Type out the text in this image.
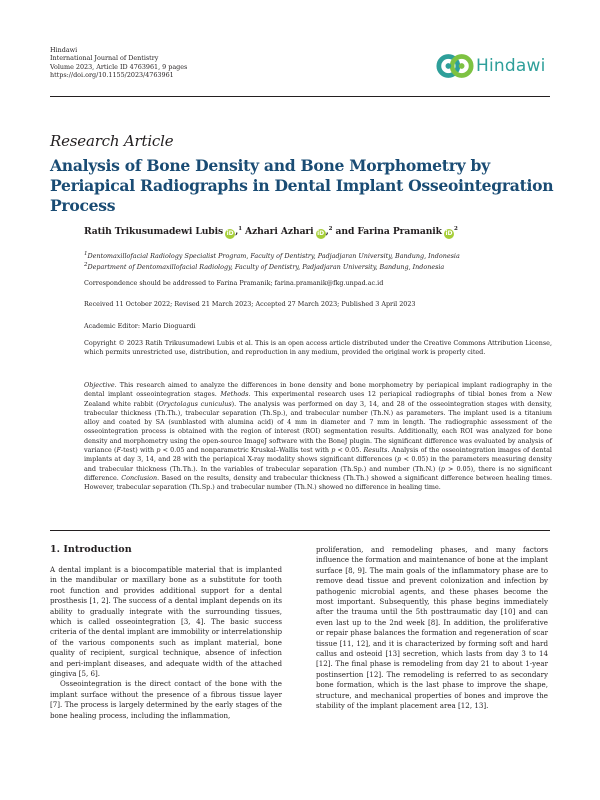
Hindawi
International Journal of Dentistry
Volume 2023, Article ID 4763961, 9 pages
https://doi.org/10.1155/2023/4763961	Hindawi
Research Article
Analysis of Bone Density and Bone Morphometry by Periapical Radiographs in Dental Implant Osseointegration Process
Ratih Trikusumadewi Lubis iD ,$^1$ Azhari Azhari iD ,$^2$ and Farina Pramanik $iD^2$
$^1$Dentomaxillofacial Radiology Specialist Program, Faculty of Dentistry, Padjadjaran University, Bandung, Indonesia
$^2$Department of Dentomaxillofacial Radiology, Faculty of Dentistry, Padjadjaran University, Bandung, Indonesia
Correspondence should be addressed to Farina Pramanik; farina.pramanik@fkg.unpad.ac.id
Received 11 October 2022; Revised 21 March 2023; Accepted 27 March 2023; Published 3 April 2023
Academic Editor: Mario Dioguardi
Copyright © 2023 Ratih Trikusumadewi Lubis et al. This is an open access article distributed under the Creative Commons Attribution License, which permits unrestricted use, distribution, and reproduction in any medium, provided the original work is properly cited.
Objective. This research aimed to analyze the differences in bone density and bone morphometry by periapical implant radiography in the dental implant osseointegration stages. Methods. This experimental research uses 12 periapical radiographs of tibial bones from a New Zealand white rabbit (Oryctolagus cuniculus). The analysis was performed on day 3, 14, and 28 of the osseointegration stages with density, trabecular thickness (Th.Th.), trabecular separation (Th.Sp.), and trabecular number (Th.N.) as parameters. The implant used is a titanium alloy and coated by SA (sunblasted with alumina acid) of 4 mm in diameter and 7 mm in length. The radiographic assessment of the osseointegration process is obtained with the region of interest (ROI) segmentation results. Additionally, each ROI was analyzed for bone density and morphometry using the open-source ImageJ software with the BoneJ plugin. The significant difference was evaluated by analysis of variance (F-test) with p < 0.05 and nonparametric Kruskal–Wallis test with p < 0.05. Results. Analysis of the osseointegration images of dental implants at day 3, 14, and 28 with the periapical X-ray modality shows significant differences (p < 0.05) in the parameters measuring density and trabecular thickness (Th.Th.). In the variables of trabecular separation (Th.Sp.) and number (Th.N.) (p > 0.05), there is no significant difference. Conclusion. Based on the results, density and trabecular thickness (Th.Th.) showed a significant difference between healing times. However, trabecular separation (Th.Sp.) and trabecular number (Th.N.) showed no difference in healing time.
1. Introduction

A dental implant is a biocompatible material that is implanted in the mandibular or maxillary bone as a substitute for tooth root function and provides additional support for a dental prosthesis [1, 2]. The success of a dental implant depends on its ability to gradually integrate with the surrounding tissues, which is called osseointegration [3, 4]. The basic success criteria of the dental implant are immobility or interrelationship of the various components such as implant material, bone quality of recipient, surgical technique, absence of infection and peri-implant diseases, and adequate width of the attached gingiva [5, 6].

Osseointegration is the direct contact of the bone with the implant surface without the presence of a fibrous tissue layer [7]. The process is largely determined by the early stages of the bone healing process, including the inflammation,

proliferation, and remodeling phases, and many factors influence the formation and maintenance of bone at the implant surface [8, 9]. The main goals of the inflammatory phase are to remove dead tissue and prevent colonization and infection by pathogenic microbial agents, and these phases become the most important. Subsequently, this phase begins immediately after the trauma until the 5th posttraumatic day [10] and can even last up to the 2nd week [8]. In addition, the proliferative or repair phase balances the formation and regeneration of scar tissue [11, 12], and it is characterized by forming soft and hard callus and osteoid [13] secretion, which lasts from day 3 to 14 [12]. The final phase is remodeling from day 21 to about 1-year postinsertion [12]. The remodeling is referred to as secondary bone formation, which is the last phase to improve the shape, structure, and mechanical properties of bones and improve the stability of the implant placement area [12, 13].
